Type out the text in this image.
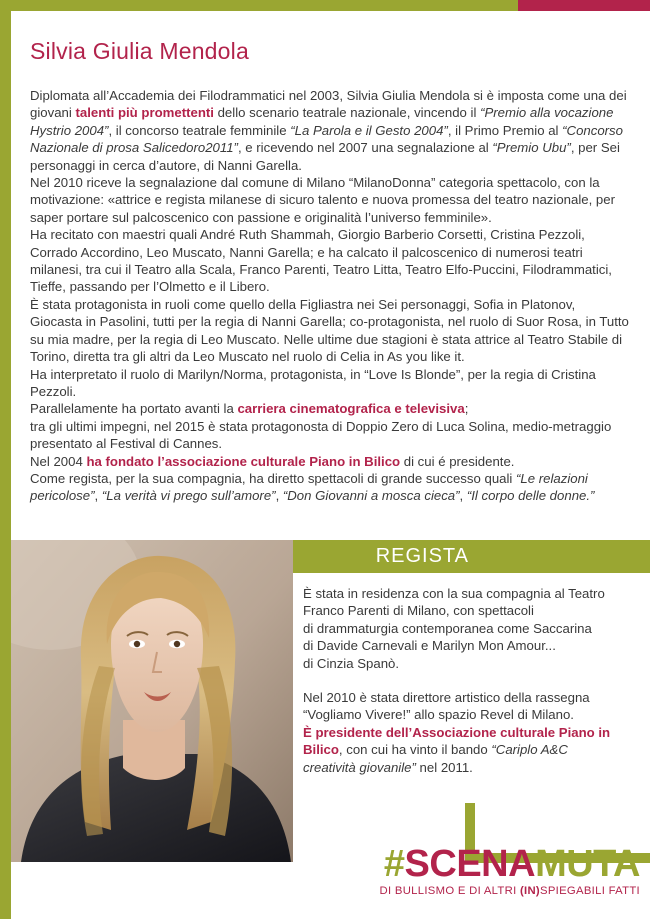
Silvia Giulia Mendola

Diplomata all’Accademia dei Filodrammatici nel 2003, Silvia Giulia Mendola si è imposta come una dei giovani talenti più promettenti dello scenario teatrale nazionale, vincendo il “Premio alla vocazione Hystrio 2004”, il concorso teatrale femminile “La Parola e il Gesto 2004”, il Primo Premio al “Concorso Nazionale di prosa Salicedoro2011”, e ricevendo nel 2007 una segnalazione al “Premio Ubu”, per Sei personaggi in cerca d’autore, di Nanni Garella.

Nel 2010 riceve la segnalazione dal comune di Milano “MilanoDonna” categoria spettacolo, con la motivazione: «attrice e regista milanese di sicuro talento e nuova promessa del teatro nazionale, per saper portare sul palcoscenico con passione e originalità l’universo femminile».

Ha recitato con maestri quali André Ruth Shammah, Giorgio Barberio Corsetti, Cristina Pezzoli, Corrado Accordino, Leo Muscato, Nanni Garella; e ha calcato il palcoscenico di numerosi teatri milanesi, tra cui il Teatro alla Scala, Franco Parenti, Teatro Litta, Teatro Elfo-Puccini, Filodrammatici, Tieffe, passando per l’Olmetto e il Libero.

È stata protagonista in ruoli come quello della Figliastra nei Sei personaggi, Sofia in Platonov, Giocasta in Pasolini, tutti per la regia di Nanni Garella; co-protagonista, nel ruolo di Suor Rosa, in Tutto su mia madre, per la regia di Leo Muscato. Nelle ultime due stagioni è stata attrice al Teatro Stabile di Torino, diretta tra gli altri da Leo Muscato nel ruolo di Celia in As you like it.

Ha interpretato il ruolo di Marilyn/Norma, protagonista, in “Love Is Blonde”, per la regia di Cristina Pezzoli.

Parallelamente ha portato avanti la carriera cinematografica e televisiva;
tra gli ultimi impegni, nel 2015 è stata protagonosta di Doppio Zero di Luca Solina, medio-metraggio presentato al Festival di Cannes.

Nel 2004 ha fondato l’associazione culturale Piano in Bilico di cui é presidente.

Come regista, per la sua compagnia, ha diretto spettacoli di grande successo quali “Le relazioni pericolose”, “La verità vi prego sull’amore”, “Don Giovanni a mosca cieca”, “Il corpo delle donne.”

REGISTA

È stata in residenza con la sua compagnia al Teatro
Franco Parenti di Milano, con spettacoli
di drammaturgia contemporanea come Saccarina
di Davide Carnevali e Marilyn Mon Amour...
di Cinzia Spanò.

Nel 2010 è stata direttore artistico della rassegna
“Vogliamo Vivere!” allo spazio Revel di Milano.
È presidente dell’Associazione culturale Piano in Bilico, con cui ha vinto il bando “Cariplo A&C
creatività giovanile” nel 2011.

#SCENAMUTA
DI BULLISMO E DI ALTRI (IN)SPIEGABILI FATTI
